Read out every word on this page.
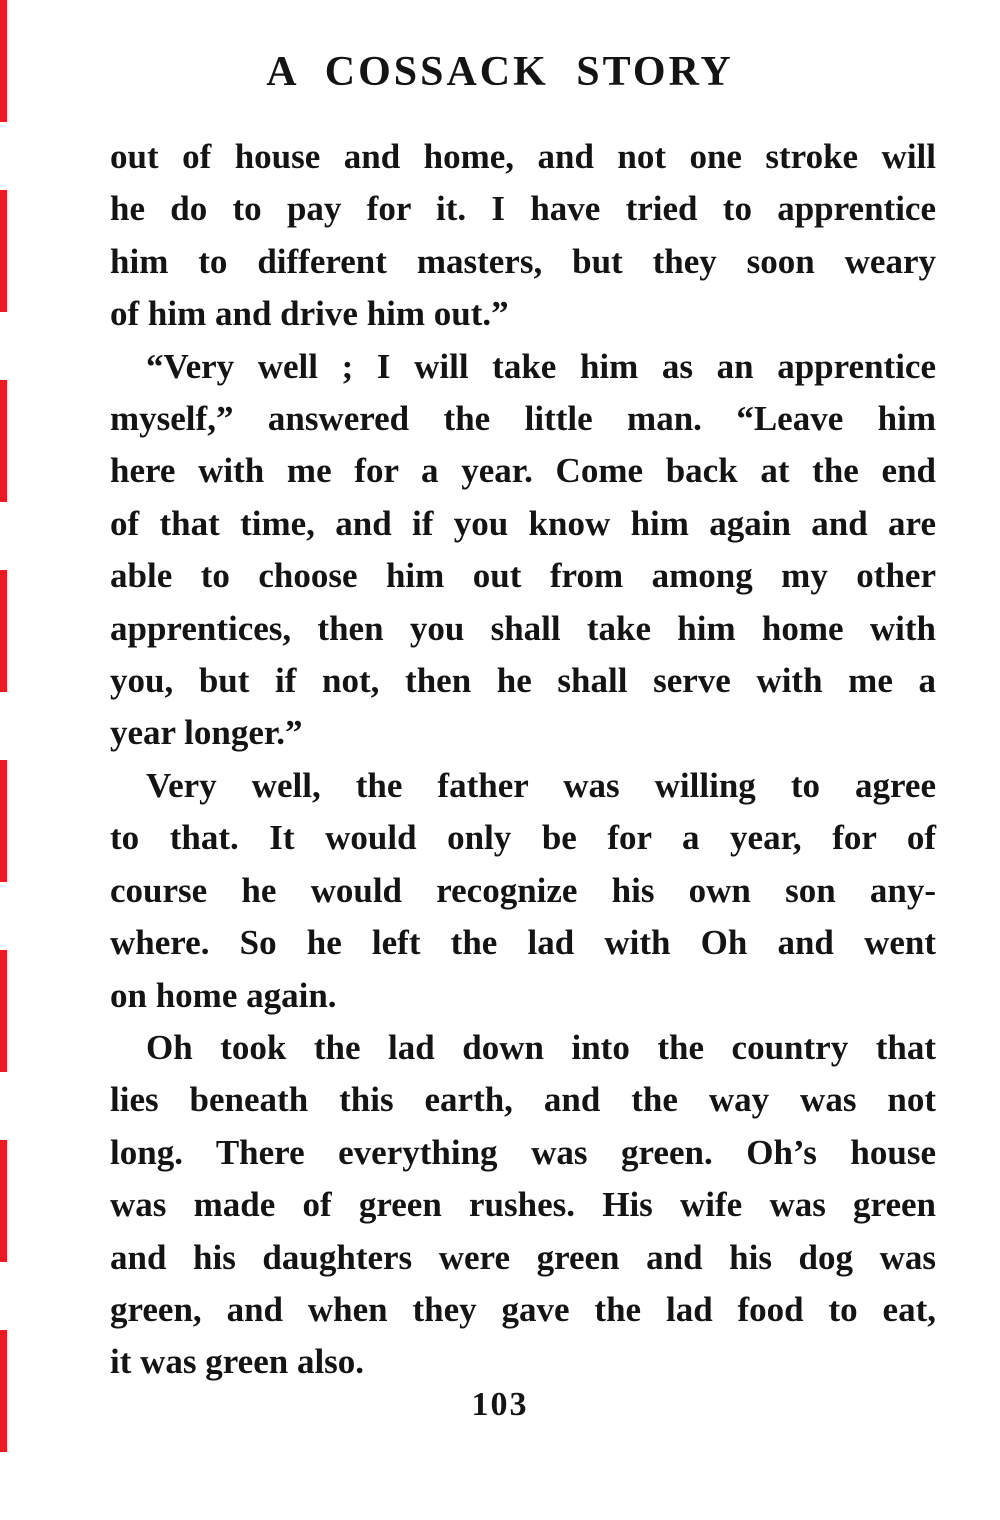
A COSSACK STORY
out of house and home, and not one stroke will
he do to pay for it. I have tried to apprentice
him to different masters, but they soon weary
of him and drive him out.”
“Very well ; I will take him as an apprentice
myself,” answered the little man. “Leave him
here with me for a year. Come back at the end
of that time, and if you know him again and are
able to choose him out from among my other
apprentices, then you shall take him home with
you, but if not, then he shall serve with me a
year longer.”
Very well, the father was willing to agree
to that. It would only be for a year, for of
course he would recognize his own son any-
where. So he left the lad with Oh and went
on home again.
Oh took the lad down into the country that
lies beneath this earth, and the way was not
long. There everything was green. Oh’s house
was made of green rushes. His wife was green
and his daughters were green and his dog was
green, and when they gave the lad food to eat,
it was green also.
103
